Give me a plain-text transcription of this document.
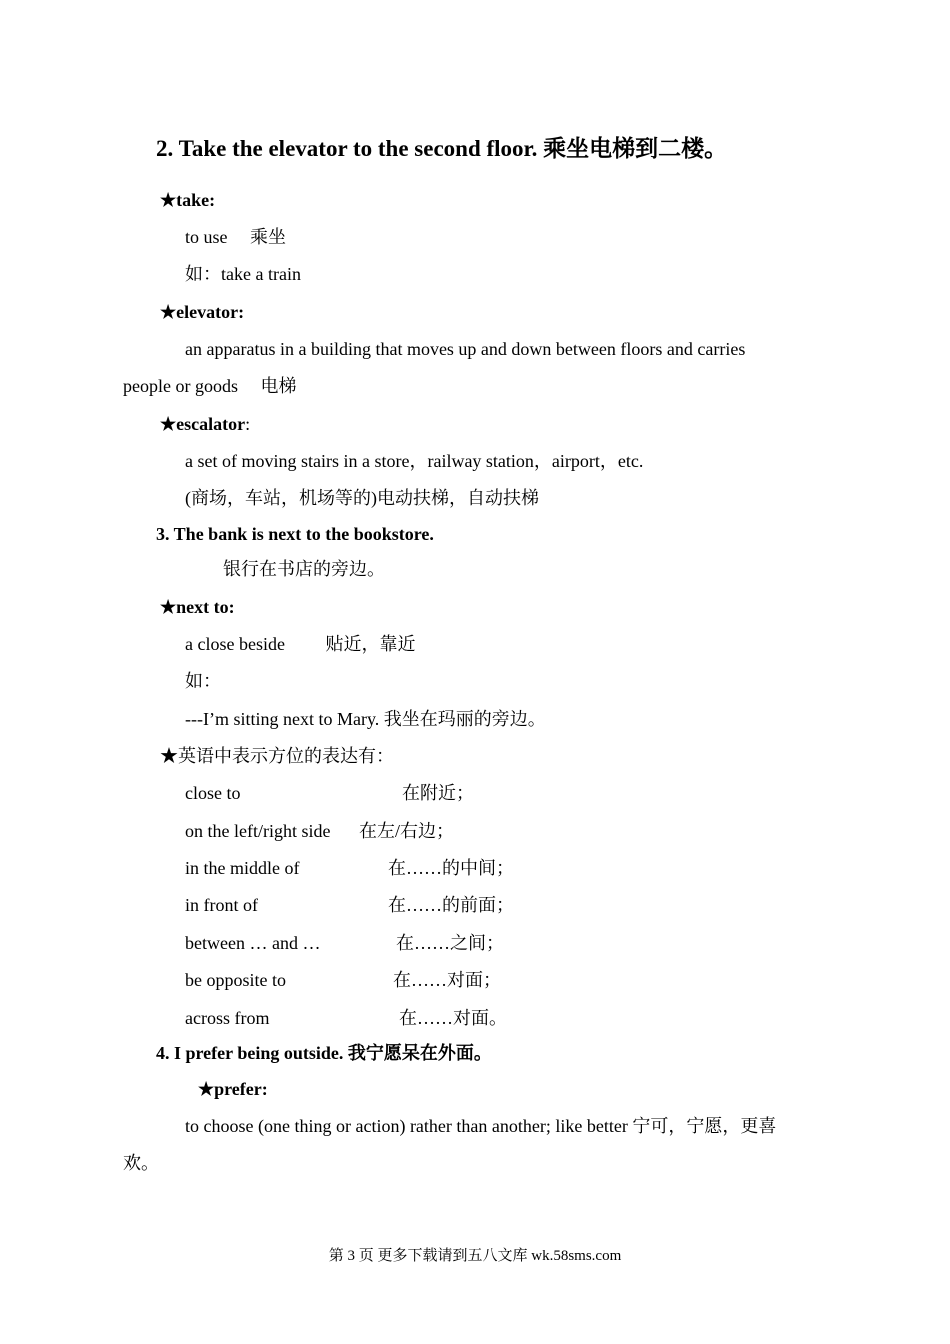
2. Take the elevator to the second floor. 乘坐电梯到二楼。
★take:
to use     乘坐
如：take a train
★elevator:
an apparatus in a building that moves up and down between floors and carries
people or goods     电梯
★escalator:
a set of moving stairs in a store，railway station，airport，etc.
(商场，车站，机场等的)电动扶梯，自动扶梯
3. The bank is next to the bookstore.
银行在书店的旁边。
★next to:
a close beside         贴近，靠近
如：
---I’m sitting next to Mary. 我坐在玛丽的旁边。
★英语中表示方位的表达有：
close to	在附近；
on the left/right side 在左/右边；
in the middle of	在……的中间；
in front of	在……的前面；
between … and …	在……之间；
be opposite to	在……对面；
across from	在……对面。
4. I prefer being outside. 我宁愿呆在外面。
★prefer:
to choose (one thing or action) rather than another; like better 宁可，宁愿，更喜
欢。
第 3 页 更多下载请到五八文库 wk.58sms.com
